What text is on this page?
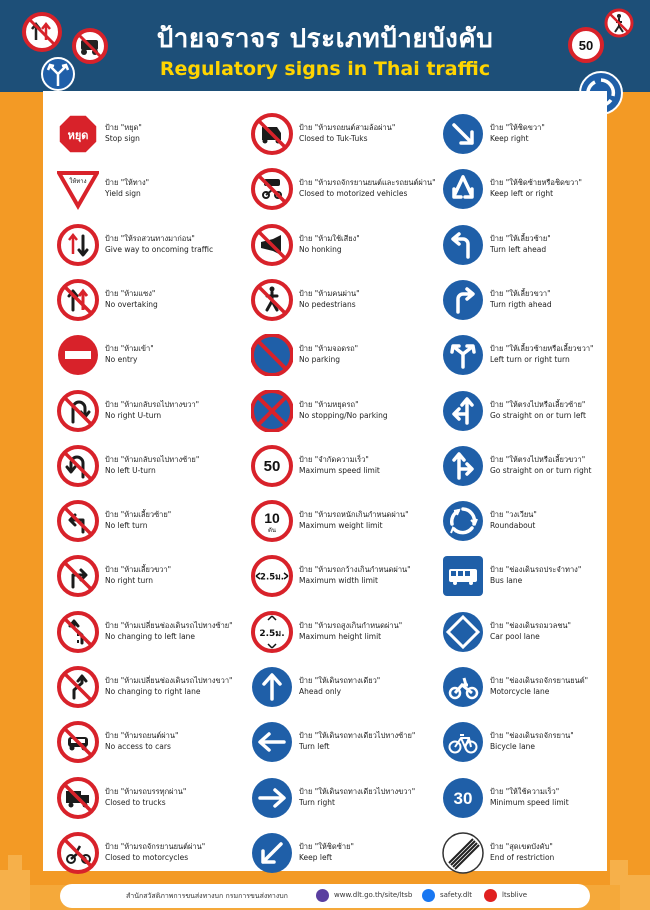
ป้ายจราจร ประเภทป้ายบังคับ
Regulatory signs in Thai traffic
50
หยุด
ป้าย "หยุด"
Stop sign
ให้ทาง ป้าย "ให้ทาง"
Yield sign
ป้าย "ให้รถสวนทางมาก่อน"
Give way to oncoming traffic
ป้าย "ห้ามแซง"
No overtaking
ป้าย "ห้ามเข้า"
No entry
ป้าย "ห้ามกลับรถไปทางขวา"
No right U-turn
ป้าย "ห้ามกลับรถไปทางซ้าย"
No left U-turn
ป้าย "ห้ามเลี้ยวซ้าย"
No left turn
ป้าย "ห้ามเลี้ยวขวา"
No right turn
ป้าย "ห้ามเปลี่ยนช่องเดินรถไปทางซ้าย"
No changing to left lane
ป้าย "ห้ามเปลี่ยนช่องเดินรถไปทางขวา"
No changing to right lane
ป้าย "ห้ามรถยนต์ผ่าน"
No access to cars
ป้าย "ห้ามรถบรรทุกผ่าน"
Closed to trucks
ป้าย "ห้ามรถจักรยานยนต์ผ่าน"
Closed to motorcycles
ป้าย "ห้ามรถยนต์สามล้อผ่าน"
Closed to Tuk-Tuks
ป้าย "ห้ามรถจักรยานยนต์และรถยนต์ผ่าน"
Closed to motorized vehicles
ป้าย "ห้ามใช้เสียง"
No honking
ป้าย "ห้ามคนผ่าน"
No pedestrians
ป้าย "ห้ามจอดรถ"
No parking
ป้าย "ห้ามหยุดรถ"
No stopping/No parking
50 ป้าย "จำกัดความเร็ว"
Maximum speed limit
10
ตัน
ป้าย "ห้ามรถหนักเกินกำหนดผ่าน"
Maximum weight limit
2.5ม.
ป้าย "ห้ามรถกว้างเกินกำหนดผ่าน"
Maximum width limit
2.5ม.
ป้าย "ห้ามรถสูงเกินกำหนดผ่าน"
Maximum height limit
ป้าย "ให้เดินรถทางเดียว"
Ahead only
ป้าย "ให้เดินรถทางเดียวไปทางซ้าย"
Turn left
ป้าย "ให้เดินรถทางเดียวไปทางขวา"
Turn right
ป้าย "ให้ชิดซ้าย"
Keep left
ป้าย "ให้ชิดขวา"
Keep right
ป้าย "ให้ชิดซ้ายหรือชิดขวา"
Keep left or right
ป้าย "ให้เลี้ยวซ้าย"
Turn left ahead
ป้าย "ให้เลี้ยวขวา"
Turn rigth ahead
ป้าย "ให้เลี้ยวซ้ายหรือเลี้ยวขวา"
Left turn or right turn
ป้าย "ให้ตรงไปหรือเลี้ยวซ้าย"
Go straight on or turn left
ป้าย "ให้ตรงไปหรือเลี้ยวขวา"
Go straight on or turn right
ป้าย "วงเวียน"
Roundabout
ป้าย "ช่องเดินรถประจำทาง"
Bus lane
ป้าย "ช่องเดินรถมวลชน"
Car pool lane
ป้าย "ช่องเดินรถจักรยานยนต์"
Motorcycle lane
ป้าย "ช่องเดินรถจักรยาน"
Bicycle lane
30 ป้าย "ให้ใช้ความเร็ว"
Minimum speed limit
ป้าย "สุดเขตบังคับ"
End of restriction
สำนักสวัสดิภาพการขนส่งทางบก กรมการขนส่งทางบก	www.dlt.go.th/site/ltsb	safety.dlt	ltsblive
